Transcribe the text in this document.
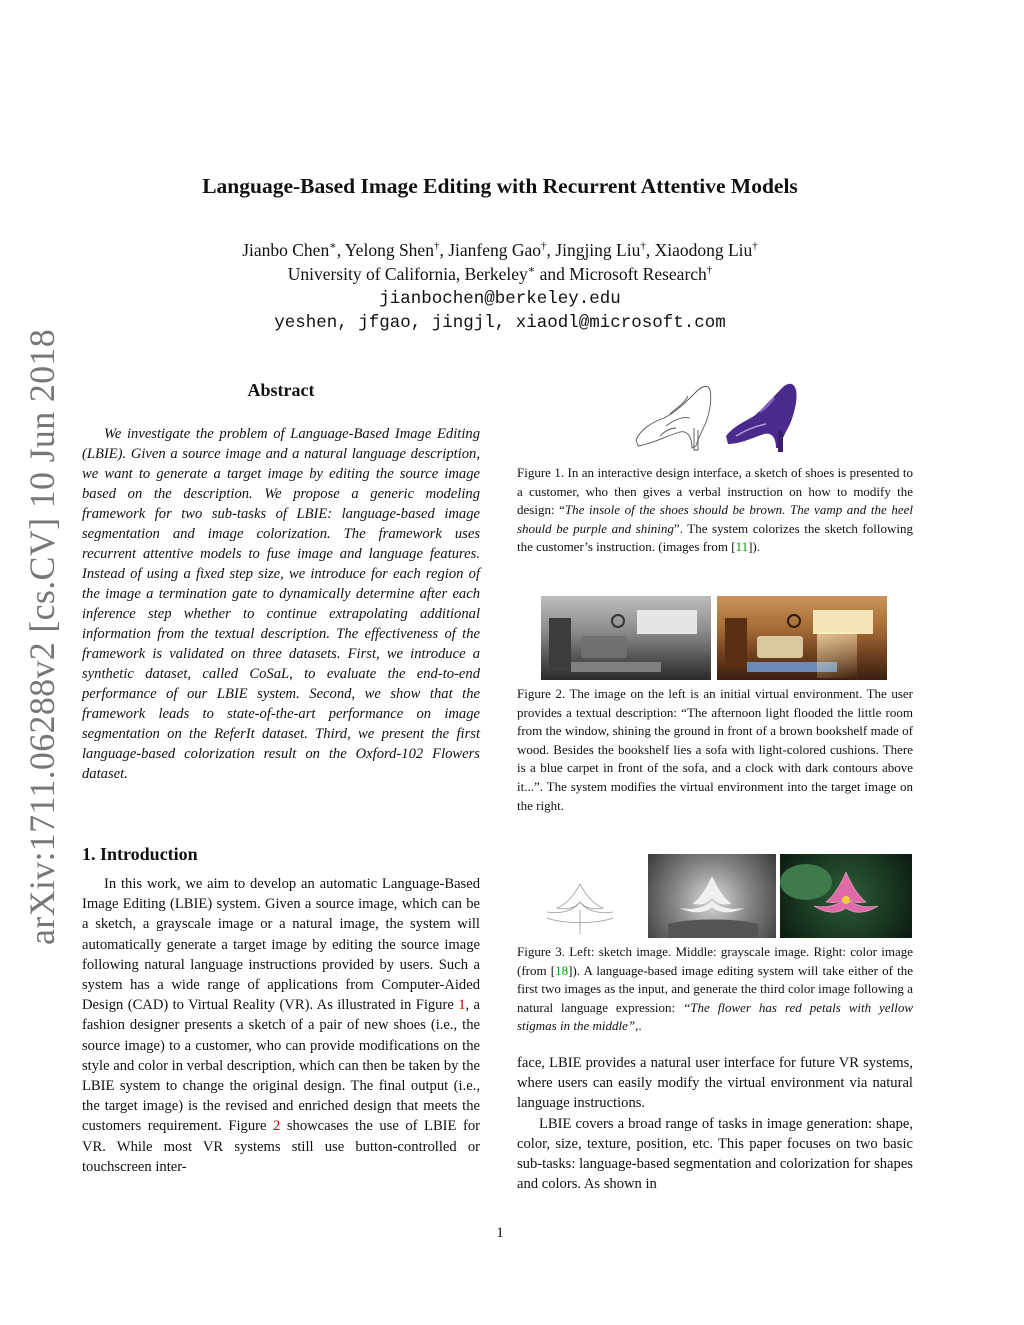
arXiv:1711.06288v2 [cs.CV] 10 Jun 2018
Language-Based Image Editing with Recurrent Attentive Models
Jianbo Chen∗, Yelong Shen†, Jianfeng Gao†, Jingjing Liu†, Xiaodong Liu†
University of California, Berkeley∗ and Microsoft Research†
jianbochen@berkeley.edu
yeshen, jfgao, jingjl, xiaodl@microsoft.com
Abstract
We investigate the problem of Language-Based Image Editing (LBIE). Given a source image and a natural language description, we want to generate a target image by editing the source image based on the description. We propose a generic modeling framework for two sub-tasks of LBIE: language-based image segmentation and image colorization. The framework uses recurrent attentive models to fuse image and language features. Instead of using a fixed step size, we introduce for each region of the image a termination gate to dynamically determine after each inference step whether to continue extrapolating additional information from the textual description. The effectiveness of the framework is validated on three datasets. First, we introduce a synthetic dataset, called CoSaL, to evaluate the end-to-end performance of our LBIE system. Second, we show that the framework leads to state-of-the-art performance on image segmentation on the ReferIt dataset. Third, we present the first language-based colorization result on the Oxford-102 Flowers dataset.
1. Introduction
In this work, we aim to develop an automatic Language-Based Image Editing (LBIE) system. Given a source image, which can be a sketch, a grayscale image or a natural image, the system will automatically generate a target image by editing the source image following natural language instructions provided by users. Such a system has a wide range of applications from Computer-Aided Design (CAD) to Virtual Reality (VR). As illustrated in Figure 1, a fashion designer presents a sketch of a pair of new shoes (i.e., the source image) to a customer, who can provide modifications on the style and color in verbal description, which can then be taken by the LBIE system to change the original design. The final output (i.e., the target image) is the revised and enriched design that meets the customers requirement. Figure 2 showcases the use of LBIE for VR. While most VR systems still use button-controlled or touchscreen inter-
Figure 1. In an interactive design interface, a sketch of shoes is presented to a customer, who then gives a verbal instruction on how to modify the design: “The insole of the shoes should be brown. The vamp and the heel should be purple and shining”. The system colorizes the sketch following the customer’s instruction. (images from [11]).
Figure 2. The image on the left is an initial virtual environment. The user provides a textual description: “The afternoon light flooded the little room from the window, shining the ground in front of a brown bookshelf made of wood. Besides the bookshelf lies a sofa with light-colored cushions. There is a blue carpet in front of the sofa, and a clock with dark contours above it...”. The system modifies the virtual environment into the target image on the right.
Figure 3. Left: sketch image. Middle: grayscale image. Right: color image (from [18]). A language-based image editing system will take either of the first two images as the input, and generate the third color image following a natural language expression: “The flower has red petals with yellow stigmas in the middle”,.

face, LBIE provides a natural user interface for future VR systems, where users can easily modify the virtual environment via natural language instructions.

LBIE covers a broad range of tasks in image generation: shape, color, size, texture, position, etc. This paper focuses on two basic sub-tasks: language-based segmentation and colorization for shapes and colors. As shown in

1
